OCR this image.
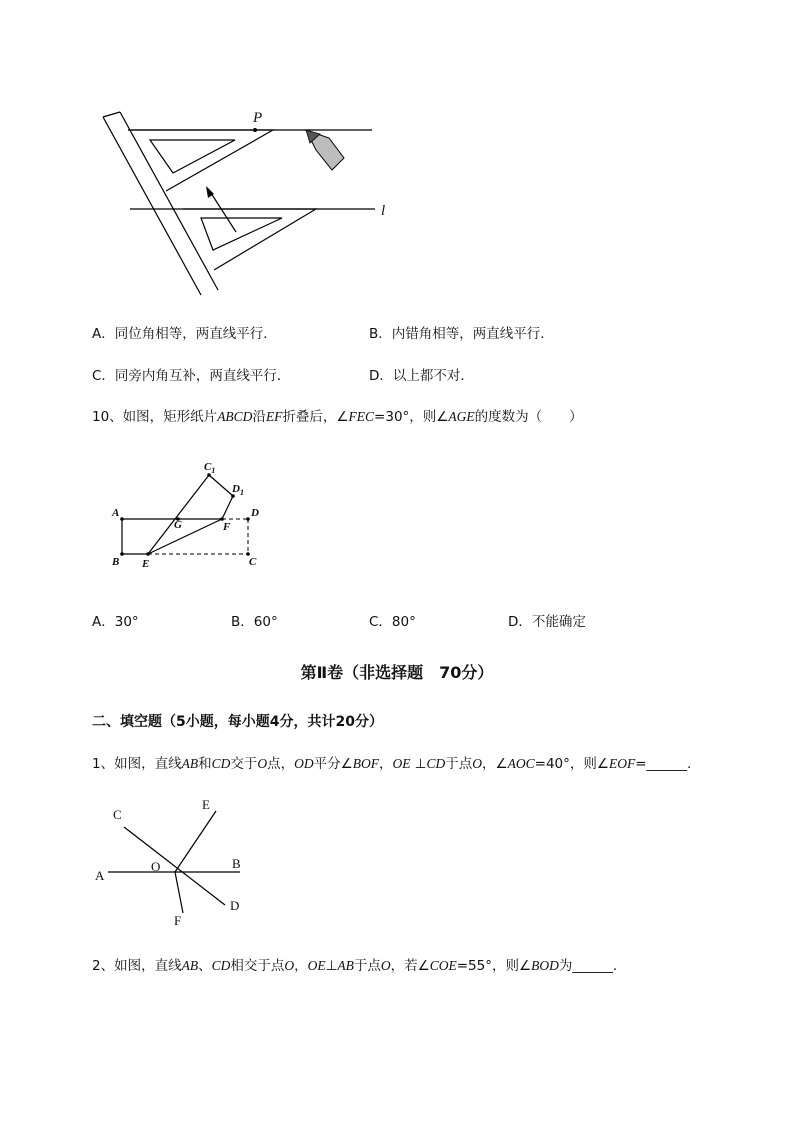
P
l
A．同位角相等，两直线平行．	B．内错角相等，两直线平行．
C．同旁内角互补，两直线平行．	D．以上都不对．
10、如图，矩形纸片ABCD沿EF折叠后，∠FEC=30°，则∠AGE的度数为（　　）
A
B E	C
D
G	F
$C_1$
$D_1$
A．30°	B．60°	C．80°	D．不能确定
第Ⅱ卷（非选择题　70分）
二、填空题（5小题，每小题4分，共计20分）
1、如图，直线AB和CD交于O点，OD平分∠BOF，OE ⊥CD于点O，∠AOC=40°，则∠EOF=______.
A
B
C
D
E
F
O
2、如图，直线AB、CD相交于点O，OE⊥AB于点O，若∠COE=55°，则∠BOD为______.
